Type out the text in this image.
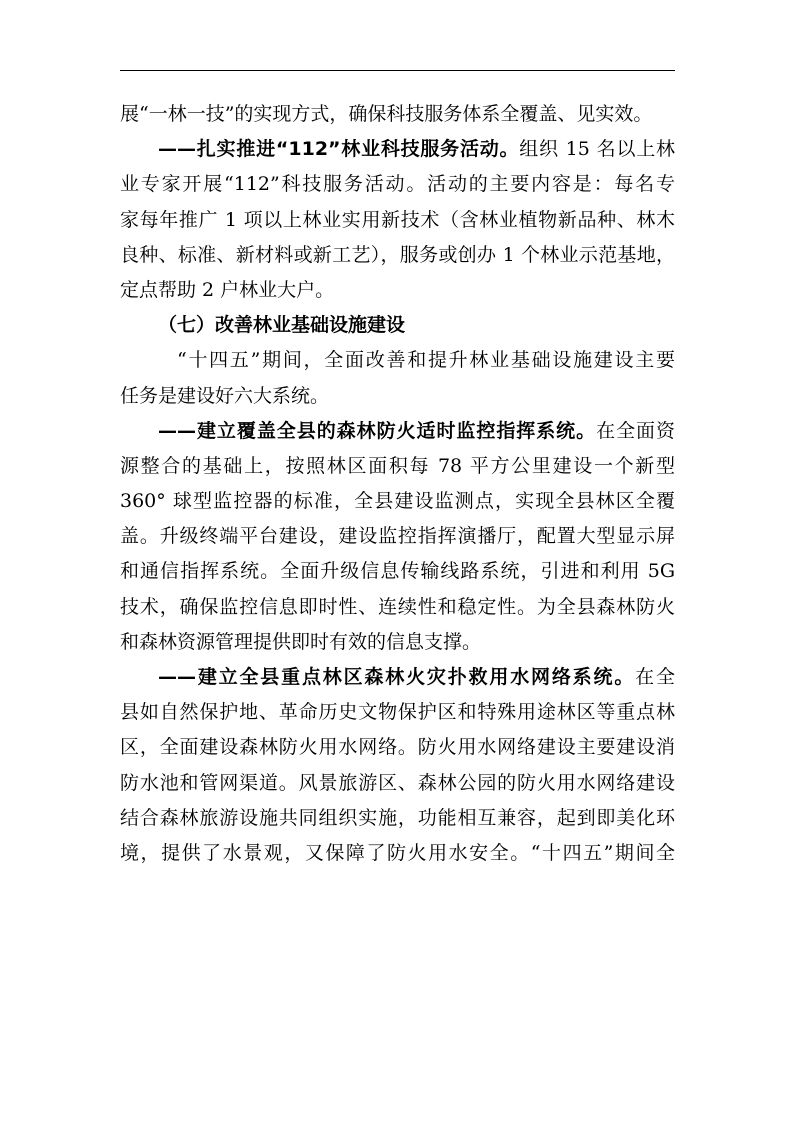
展“一林一技”的实现方式，确保科技服务体系全覆盖、见实效。
——扎实推进“112”林业科技服务活动。组织 15 名以上林
业专家开展“112”科技服务活动。活动的主要内容是：每名专
家每年推广 1 项以上林业实用新技术（含林业植物新品种、林木
良种、标准、新材料或新工艺），服务或创办 1 个林业示范基地，
定点帮助 2 户林业大户。
（七）改善林业基础设施建设
“十四五”期间，全面改善和提升林业基础设施建设主要
任务是建设好六大系统。
——建立覆盖全县的森林防火适时监控指挥系统。在全面资
源整合的基础上，按照林区面积每 78 平方公里建设一个新型
360° 球型监控器的标准，全县建设监测点，实现全县林区全覆
盖。升级终端平台建设，建设监控指挥演播厅，配置大型显示屏
和通信指挥系统。全面升级信息传输线路系统，引进和利用 5G
技术，确保监控信息即时性、连续性和稳定性。为全县森林防火
和森林资源管理提供即时有效的信息支撑。
——建立全县重点林区森林火灾扑救用水网络系统。在全
县如自然保护地、革命历史文物保护区和特殊用途林区等重点林
区，全面建设森林防火用水网络。防火用水网络建设主要建设消
防水池和管网渠道。风景旅游区、森林公园的防火用水网络建设
结合森林旅游设施共同组织实施，功能相互兼容，起到即美化环
境，提供了水景观，又保障了防火用水安全。“十四五”期间全
